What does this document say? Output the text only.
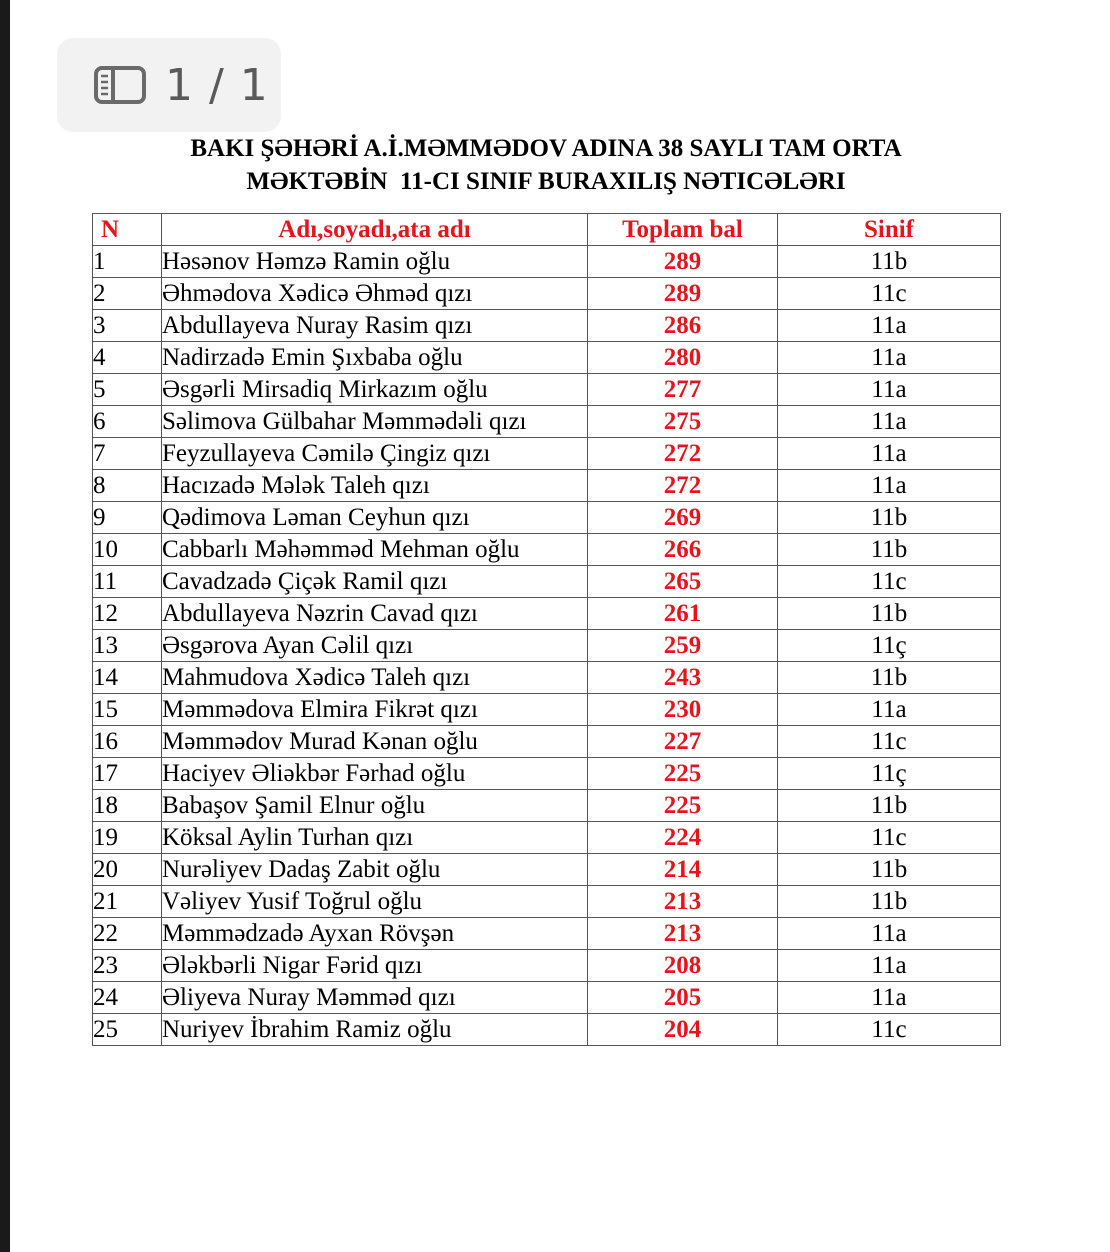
1 / 1
BAKI ŞƏHƏRİ A.İ.MƏMMƏDOV ADINA 38 SAYLI TAM ORTA
MƏKTƏBİN  11-CI SINIF BURAXILIŞ NƏTICƏLƏRI
N	Adı,soyadı,ata adı	Toplam bal	Sinif
1	Həsənov Həmzə Ramin oğlu	289	11b
2	Əhmədova Xədicə Əhməd qızı	289	11c
3	Abdullayeva Nuray Rasim qızı	286	11a
4	Nadirzadə Emin Şıxbaba oğlu	280	11a
5	Əsgərli Mirsadiq Mirkazım oğlu	277	11a
6	Səlimova Gülbahar Məmmədəli qızı	275	11a
7	Feyzullayeva Cəmilə Çingiz qızı	272	11a
8	Hacızadə Mələk Taleh qızı	272	11a
9	Qədimova Ləman Ceyhun qızı	269	11b
10	Cabbarlı Məhəmməd Mehman oğlu	266	11b
11	Cavadzadə Çiçək Ramil qızı	265	11c
12	Abdullayeva Nəzrin Cavad qızı	261	11b
13	Əsgərova Ayan Cəlil qızı	259	11ç
14	Mahmudova Xədicə Taleh qızı	243	11b
15	Məmmədova Elmira Fikrət qızı	230	11a
16	Məmmədov Murad Kənan oğlu	227	11c
17	Haciyev Əliəkbər Fərhad oğlu	225	11ç
18	Babaşov Şamil Elnur oğlu	225	11b
19	Köksal Aylin Turhan qızı	224	11c
20	Nurəliyev Dadaş Zabit oğlu	214	11b
21	Vəliyev Yusif Toğrul oğlu	213	11b
22	Məmmədzadə Ayxan Rövşən	213	11a
23	Ələkbərli Nigar Fərid qızı	208	11a
24	Əliyeva Nuray Məmməd qızı	205	11a
25	Nuriyev İbrahim Ramiz oğlu	204	11c
